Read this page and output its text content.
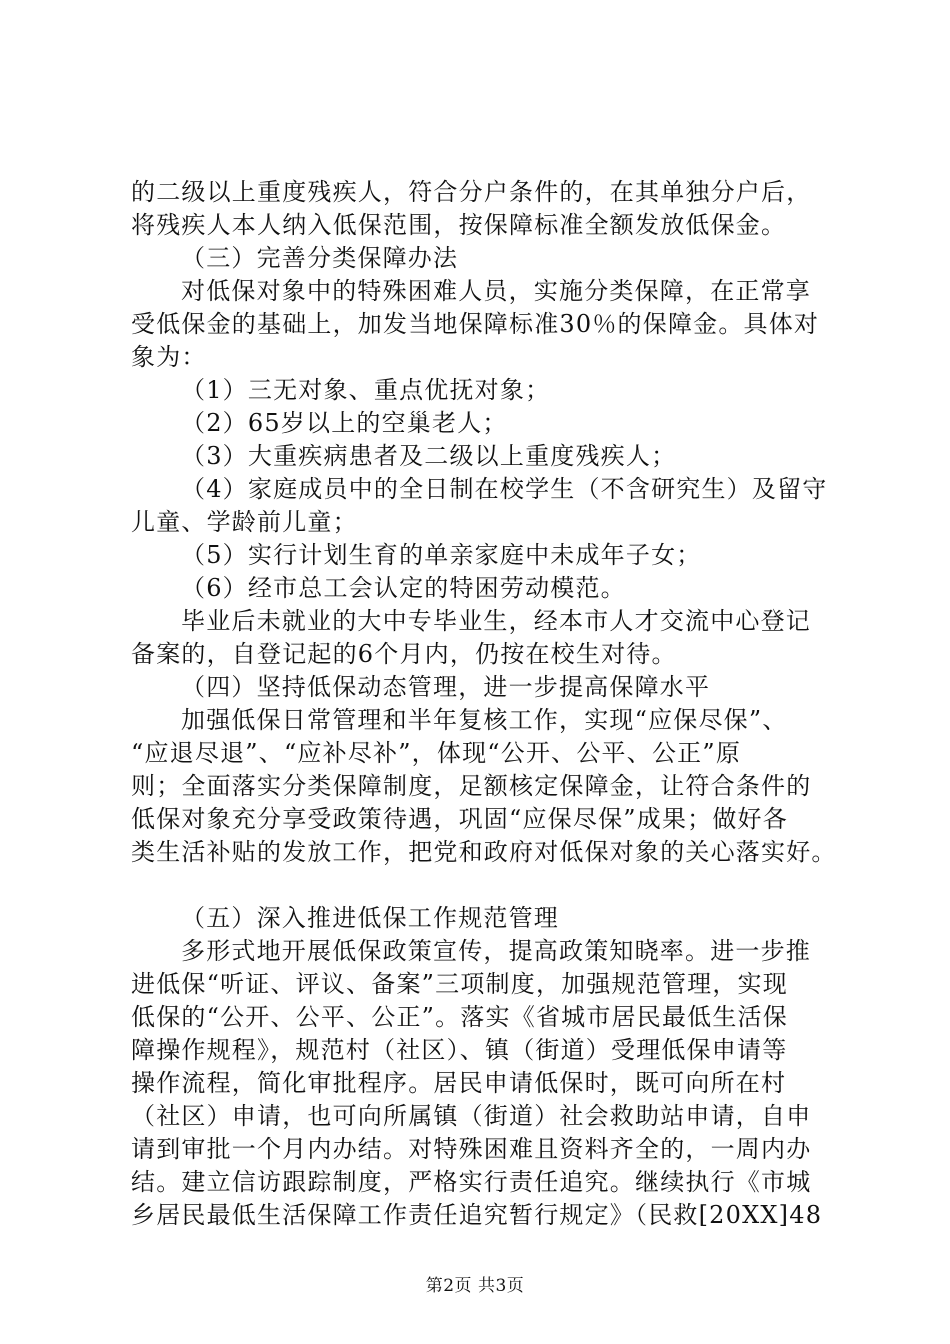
的二级以上重度残疾人，符合分户条件的，在其单独分户后，
将残疾人本人纳入低保范围，按保障标准全额发放低保金。
（三）完善分类保障办法
对低保对象中的特殊困难人员，实施分类保障，在正常享
受低保金的基础上，加发当地保障标准30％的保障金。具体对
象为：
（1）三无对象、重点优抚对象；
（2）65岁以上的空巢老人；
（3）大重疾病患者及二级以上重度残疾人；
（4）家庭成员中的全日制在校学生（不含研究生）及留守
儿童、学龄前儿童；
（5）实行计划生育的单亲家庭中未成年子女；
（6）经市总工会认定的特困劳动模范。
毕业后未就业的大中专毕业生，经本市人才交流中心登记
备案的，自登记起的6个月内，仍按在校生对待。
（四）坚持低保动态管理，进一步提高保障水平
加强低保日常管理和半年复核工作，实现“应保尽保”、
“应退尽退”、“应补尽补”，体现“公开、公平、公正”原
则；全面落实分类保障制度，足额核定保障金，让符合条件的
低保对象充分享受政策待遇，巩固“应保尽保”成果；做好各
类生活补贴的发放工作，把党和政府对低保对象的关心落实好。
（五）深入推进低保工作规范管理
多形式地开展低保政策宣传，提高政策知晓率。进一步推
进低保“听证、评议、备案”三项制度，加强规范管理，实现
低保的“公开、公平、公正”。落实《省城市居民最低生活保
障操作规程》，规范村（社区）、镇（街道）受理低保申请等
操作流程，简化审批程序。居民申请低保时，既可向所在村
（社区）申请，也可向所属镇（街道）社会救助站申请，自申
请到审批一个月内办结。对特殊困难且资料齐全的，一周内办
结。建立信访跟踪制度，严格实行责任追究。继续执行《市城
乡居民最低生活保障工作责任追究暂行规定》（民救[20XX]48
第2页 共3页
